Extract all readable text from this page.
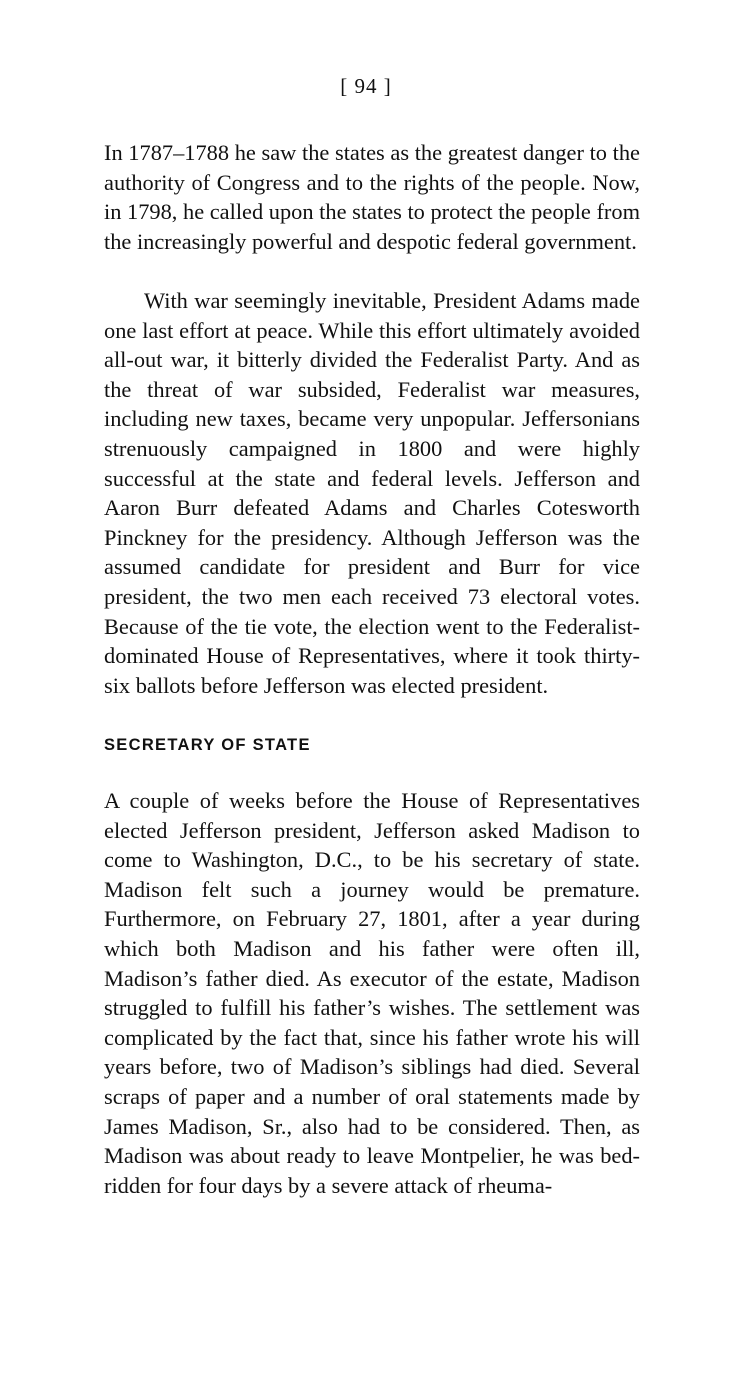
[ 94 ]

In 1787–1788 he saw the states as the greatest danger to the authority of Congress and to the rights of the people. Now, in 1798, he called upon the states to protect the people from the increasingly powerful and despotic federal government.

With war seemingly inevitable, President Adams made one last effort at peace. While this effort ultimately avoided all-out war, it bitterly divided the Federalist Party. And as the threat of war subsided, Federalist war measures, including new taxes, became very unpopular. Jeffersonians strenuously campaigned in 1800 and were highly successful at the state and federal levels. Jefferson and Aaron Burr defeated Adams and Charles Cotesworth Pinckney for the presidency. Although Jefferson was the assumed candidate for president and Burr for vice president, the two men each received 73 electoral votes. Because of the tie vote, the election went to the Federalist-dominated House of Representatives, where it took thirty-six ballots before Jefferson was elected president.

SECRETARY OF STATE

A couple of weeks before the House of Representatives elected Jefferson president, Jefferson asked Madison to come to Washington, D.C., to be his secretary of state. Madison felt such a journey would be premature. Furthermore, on February 27, 1801, after a year during which both Madison and his father were often ill, Madison’s father died. As executor of the estate, Madison struggled to fulfill his father’s wishes. The settlement was complicated by the fact that, since his father wrote his will years before, two of Madison’s siblings had died. Several scraps of paper and a number of oral statements made by James Madison, Sr., also had to be considered. Then, as Madison was about ready to leave Montpelier, he was bed-ridden for four days by a severe attack of rheuma-
